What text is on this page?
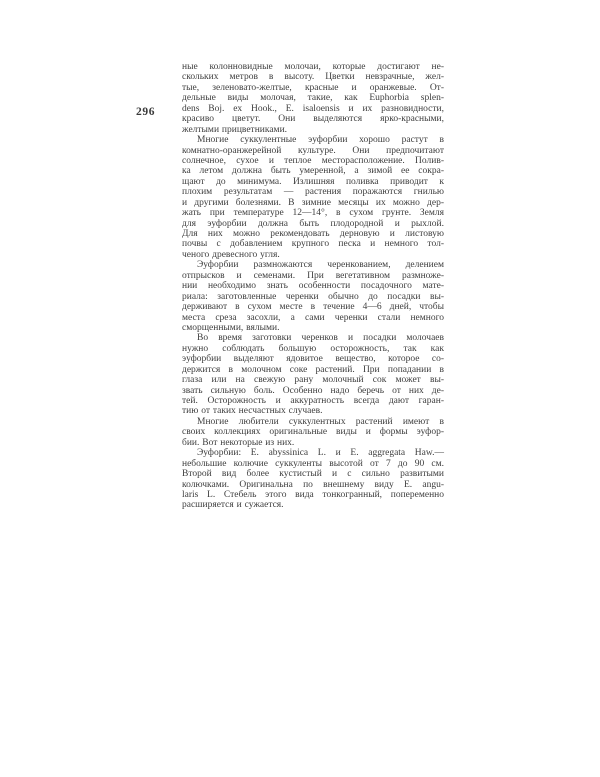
296
ные колонновидные молочаи, которые достигают не-
скольких метров в высоту. Цветки невзрачные, жел-
тые, зеленовато-желтые, красные и оранжевые. От-
дельные виды молочая, такие, как Euphorbia splen-
dens Boj. ex Hook., E. isaloensis и их разновидности,
красиво цветут. Они выделяются ярко-красными,
желтыми прицветниками.
Многие суккулентные эуфорбии хорошо растут в
комнатно-оранжерейной культуре. Они предпочитают
солнечное, сухое и теплое месторасположение. Полив-
ка летом должна быть умеренной, а зимой ее сокра-
щают до минимума. Излишняя поливка приводит к
плохим результатам — растения поражаются гнилью
и другими болезнями. В зимние месяцы их можно дер-
жать при температуре 12—14°, в сухом грунте. Земля
для эуфорбии должна быть плодородной и рыхлой.
Для них можно рекомендовать дерновую и листовую
почвы с добавлением крупного песка и немного тол-
ченого древесного угля.
Эуфорбии размножаются черенкованием, делением
отпрысков и семенами. При вегетативном размноже-
нии необходимо знать особенности посадочного мате-
риала: заготовленные черенки обычно до посадки вы-
держивают в сухом месте в течение 4—6 дней, чтобы
места среза засохли, а сами черенки стали немного
сморщенными, вялыми.
Во время заготовки черенков и посадки молочаев
нужно соблюдать большую осторожность, так как
эуфорбии выделяют ядовитое вещество, которое со-
держится в молочном соке растений. При попадании в
глаза или на свежую рану молочный сок может вы-
звать сильную боль. Особенно надо беречь от них де-
тей. Осторожность и аккуратность всегда дают гаран-
тию от таких несчастных случаев.
Многие любители суккулентных растений имеют в
своих коллекциях оригинальные виды и формы эуфор-
бии. Вот некоторые из них.
Эуфорбии: E. abyssinica L. и E. aggregata Haw.—
небольшие колючие суккуленты высотой от 7 до 90 см.
Второй вид более кустистый и с сильно развитыми
колючками. Оригинальна по внешнему виду E. angu-
laris L. Стебель этого вида тонкогранный, попеременно
расширяется и сужается.
